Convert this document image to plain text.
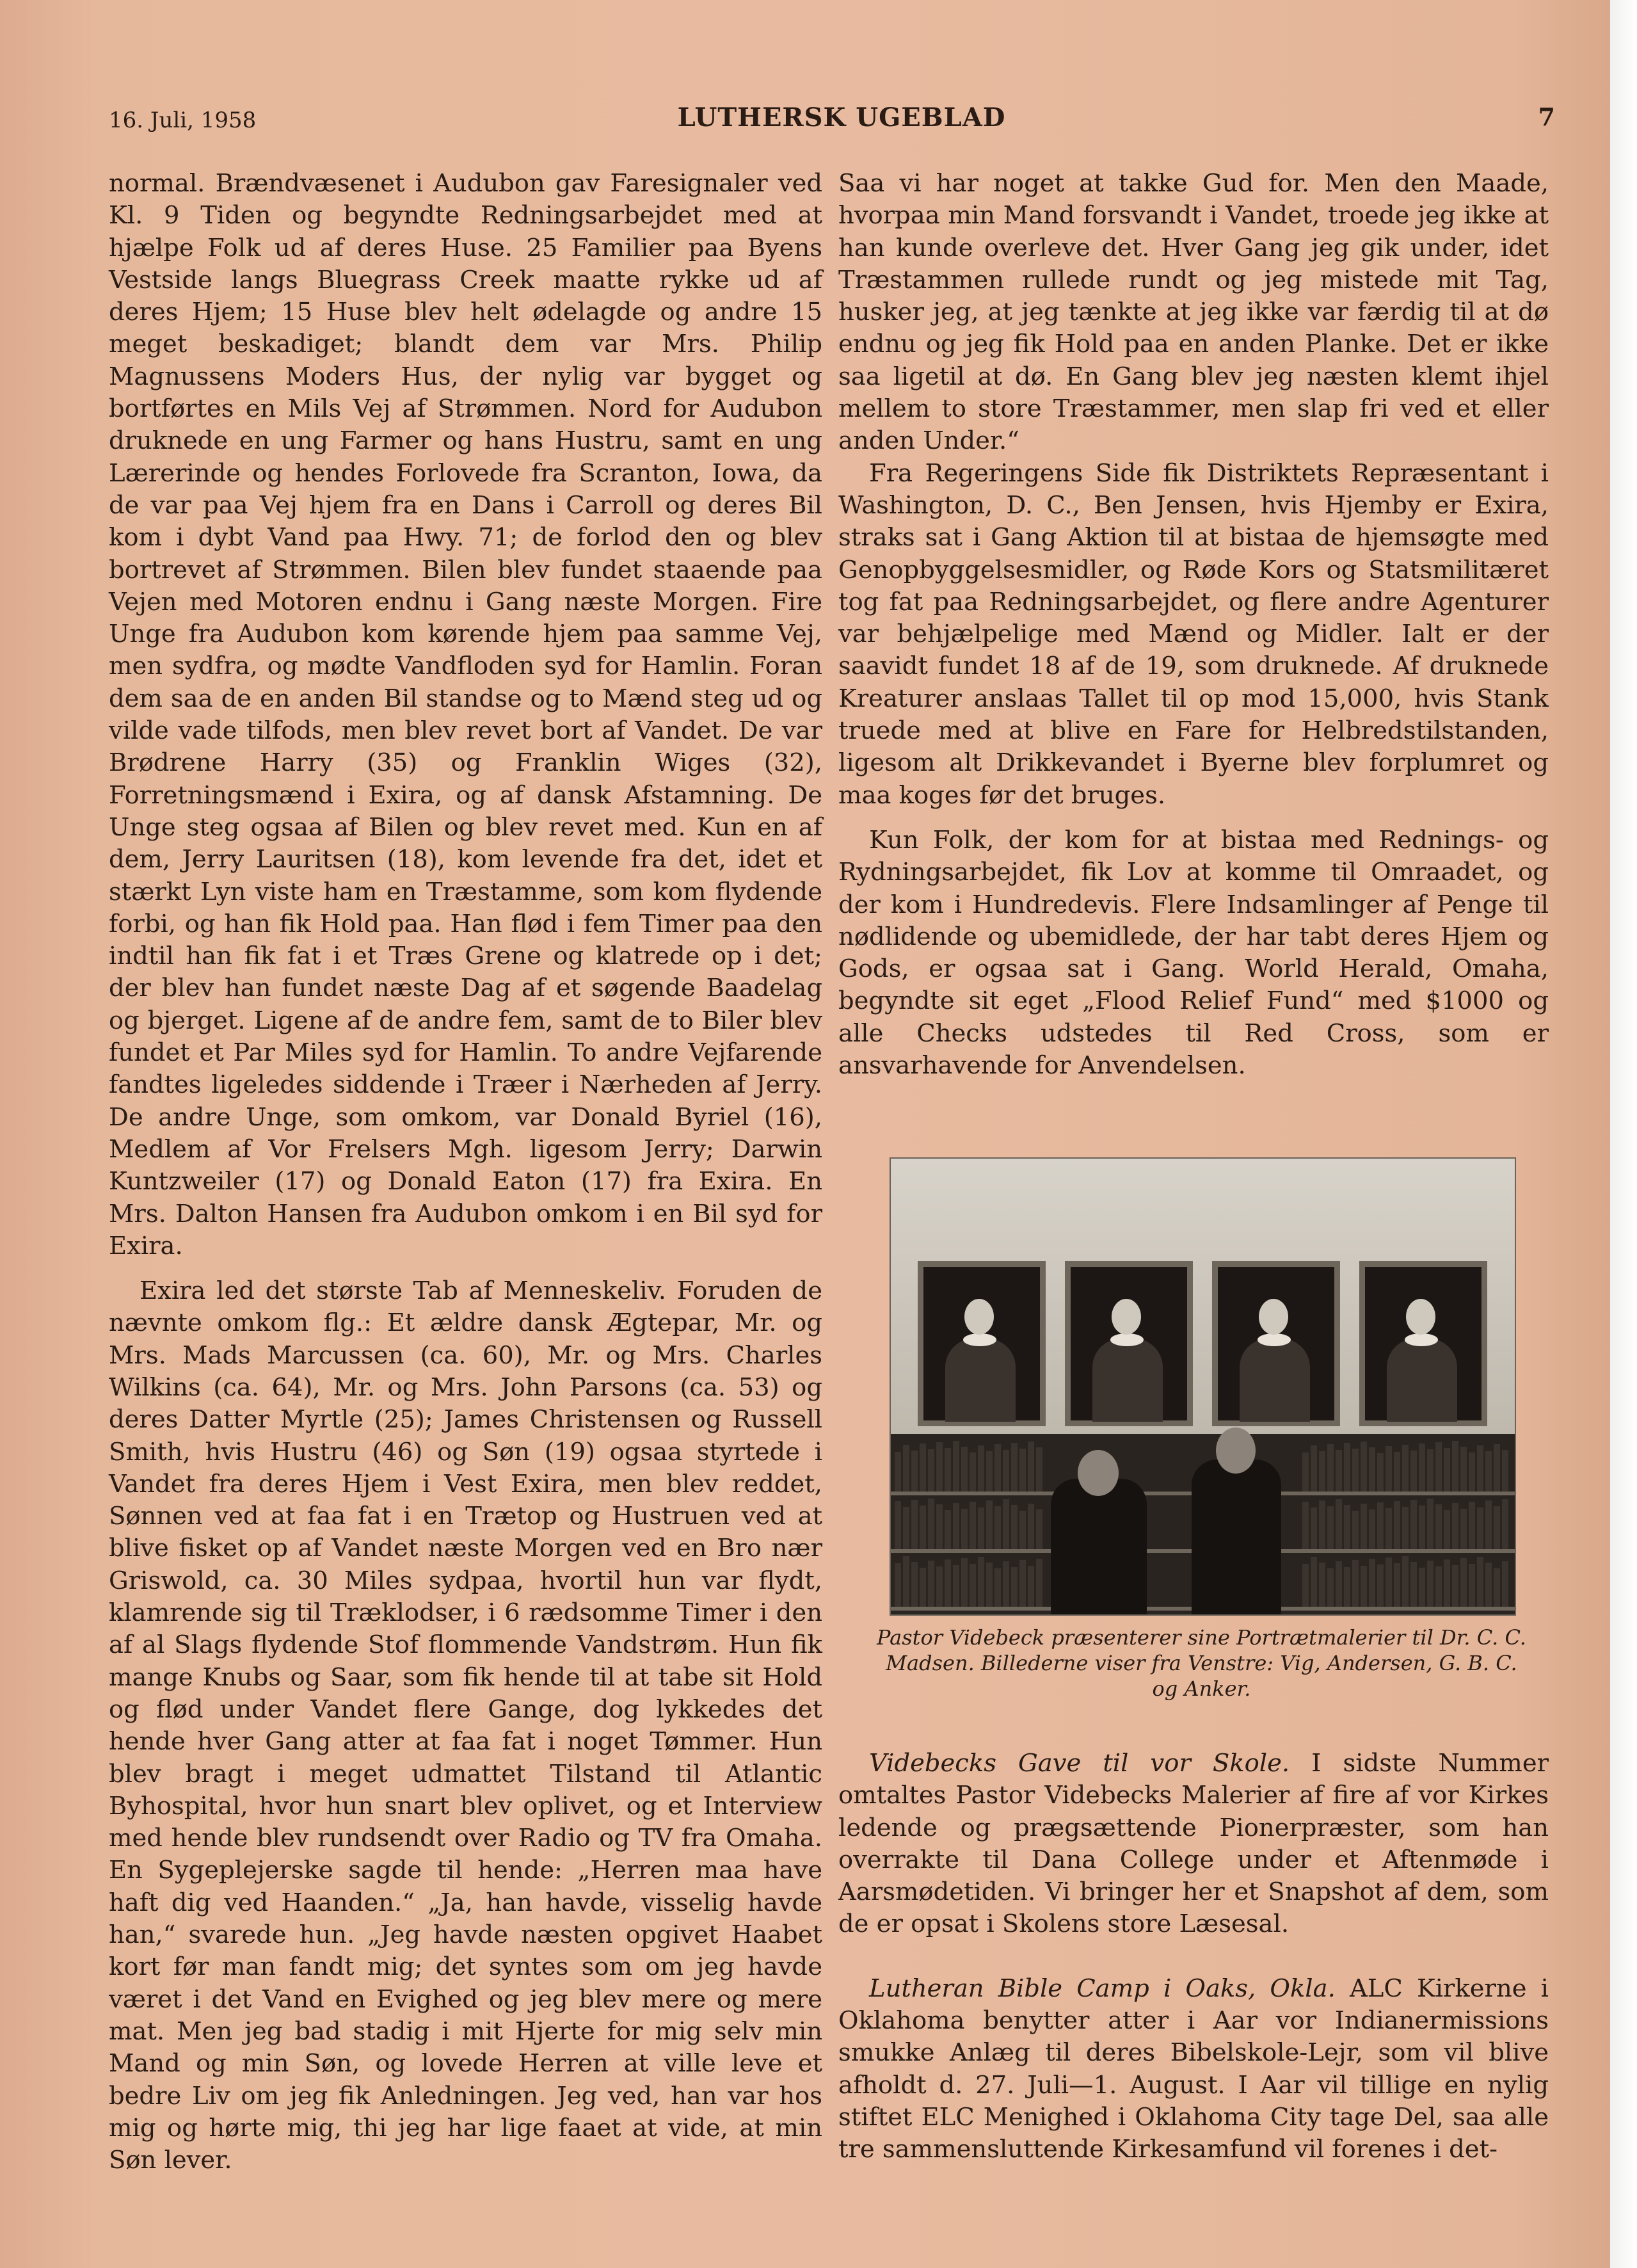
16. Juli, 1958	LUTHERSK UGEBLAD	7

normal. Brændvæsenet i Audubon gav Faresignaler ved Kl. 9 Tiden og begyndte Redningsarbejdet med at hjælpe Folk ud af deres Huse. 25 Familier paa Byens Vestside langs Bluegrass Creek maatte rykke ud af deres Hjem; 15 Huse blev helt ødelagde og andre 15 meget beskadiget; blandt dem var Mrs. Philip Magnussens Moders Hus, der nylig var bygget og bortførtes en Mils Vej af Strømmen. Nord for Audubon druknede en ung Farmer og hans Hustru, samt en ung Lærerinde og hendes Forlovede fra Scranton, Iowa, da de var paa Vej hjem fra en Dans i Carroll og deres Bil kom i dybt Vand paa Hwy. 71; de forlod den og blev bortrevet af Strømmen. Bilen blev fundet staaende paa Vejen med Motoren endnu i Gang næste Morgen. Fire Unge fra Audubon kom kørende hjem paa samme Vej, men sydfra, og mødte Vandfloden syd for Hamlin. Foran dem saa de en anden Bil standse og to Mænd steg ud og vilde vade tilfods, men blev revet bort af Vandet. De var Brødrene Harry (35) og Franklin Wiges (32), Forretningsmænd i Exira, og af dansk Afstamning. De Unge steg ogsaa af Bilen og blev revet med. Kun en af dem, Jerry Lauritsen (18), kom levende fra det, idet et stærkt Lyn viste ham en Træstamme, som kom flydende forbi, og han fik Hold paa. Han flød i fem Timer paa den indtil han fik fat i et Træs Grene og klatrede op i det; der blev han fundet næste Dag af et søgende Baadelag og bjerget. Ligene af de andre fem, samt de to Biler blev fundet et Par Miles syd for Hamlin. To andre Vejfarende fandtes ligeledes siddende i Træer i Nærheden af Jerry. De andre Unge, som omkom, var Donald Byriel (16), Medlem af Vor Frelsers Mgh. ligesom Jerry; Darwin Kuntzweiler (17) og Donald Eaton (17) fra Exira. En Mrs. Dalton Hansen fra Audubon omkom i en Bil syd for Exira.

Exira led det største Tab af Menneskeliv. Foruden de nævnte omkom flg.: Et ældre dansk Ægtepar, Mr. og Mrs. Mads Marcussen (ca. 60), Mr. og Mrs. Charles Wilkins (ca. 64), Mr. og Mrs. John Parsons (ca. 53) og deres Datter Myrtle (25); James Christensen og Russell Smith, hvis Hustru (46) og Søn (19) ogsaa styrtede i Vandet fra deres Hjem i Vest Exira, men blev reddet, Sønnen ved at faa fat i en Trætop og Hustruen ved at blive fisket op af Vandet næste Morgen ved en Bro nær Griswold, ca. 30 Miles sydpaa, hvortil hun var flydt, klamrende sig til Træklodser, i 6 rædsomme Timer i den af al Slags flydende Stof flommende Vandstrøm. Hun fik mange Knubs og Saar, som fik hende til at tabe sit Hold og flød under Vandet flere Gange, dog lykkedes det hende hver Gang atter at faa fat i noget Tømmer. Hun blev bragt i meget udmattet Tilstand til Atlantic Byhospital, hvor hun snart blev oplivet, og et Interview med hende blev rundsendt over Radio og TV fra Omaha. En Sygeplejerske sagde til hende: „Herren maa have haft dig ved Haanden.“ „Ja, han havde, visselig havde han,“ svarede hun. „Jeg havde næsten opgivet Haabet kort før man fandt mig; det syntes som om jeg havde været i det Vand en Evighed og jeg blev mere og mere mat. Men jeg bad stadig i mit Hjerte for mig selv min Mand og min Søn, og lovede Herren at ville leve et bedre Liv om jeg fik Anledningen. Jeg ved, han var hos mig og hørte mig, thi jeg har lige faaet at vide, at min Søn lever.

Saa vi har noget at takke Gud for. Men den Maade, hvorpaa min Mand forsvandt i Vandet, troede jeg ikke at han kunde overleve det. Hver Gang jeg gik under, idet Træstammen rullede rundt og jeg mistede mit Tag, husker jeg, at jeg tænkte at jeg ikke var færdig til at dø endnu og jeg fik Hold paa en anden Planke. Det er ikke saa ligetil at dø. En Gang blev jeg næsten klemt ihjel mellem to store Træstammer, men slap fri ved et eller anden Under.“

Fra Regeringens Side fik Distriktets Repræsentant i Washington, D. C., Ben Jensen, hvis Hjemby er Exira, straks sat i Gang Aktion til at bistaa de hjemsøgte med Genopbyggelsesmidler, og Røde Kors og Statsmilitæret tog fat paa Redningsarbejdet, og flere andre Agenturer var behjælpelige med Mænd og Midler. Ialt er der saavidt fundet 18 af de 19, som druknede. Af druknede Kreaturer anslaas Tallet til op mod 15,000, hvis Stank truede med at blive en Fare for Helbredstilstanden, ligesom alt Drikkevandet i Byerne blev forplumret og maa koges før det bruges.

Kun Folk, der kom for at bistaa med Rednings- og Rydningsarbejdet, fik Lov at komme til Omraadet, og der kom i Hundredevis. Flere Indsamlinger af Penge til nødlidende og ubemidlede, der har tabt deres Hjem og Gods, er ogsaa sat i Gang. World Herald, Omaha, begyndte sit eget „Flood Relief Fund“ med $1000 og alle Checks udstedes til Red Cross, som er ansvarhavende for Anvendelsen.

Pastor Videbeck præsenterer sine Portrætmalerier til Dr. C. C. Madsen. Billederne viser fra Venstre: Vig, Andersen, G. B. C. og Anker.

Videbecks Gave til vor Skole. I sidste Nummer omtaltes Pastor Videbecks Malerier af fire af vor Kirkes ledende og prægsættende Pionerpræster, som han overrakte til Dana College under et Aftenmøde i Aarsmødetiden. Vi bringer her et Snapshot af dem, som de er opsat i Skolens store Læsesal.

Lutheran Bible Camp i Oaks, Okla. ALC Kirkerne i Oklahoma benytter atter i Aar vor Indianermissions smukke Anlæg til deres Bibelskole-Lejr, som vil blive afholdt d. 27. Juli—1. August. I Aar vil tillige en nylig stiftet ELC Menighed i Oklahoma City tage Del, saa alle tre sammensluttende Kirkesamfund vil forenes i det-
